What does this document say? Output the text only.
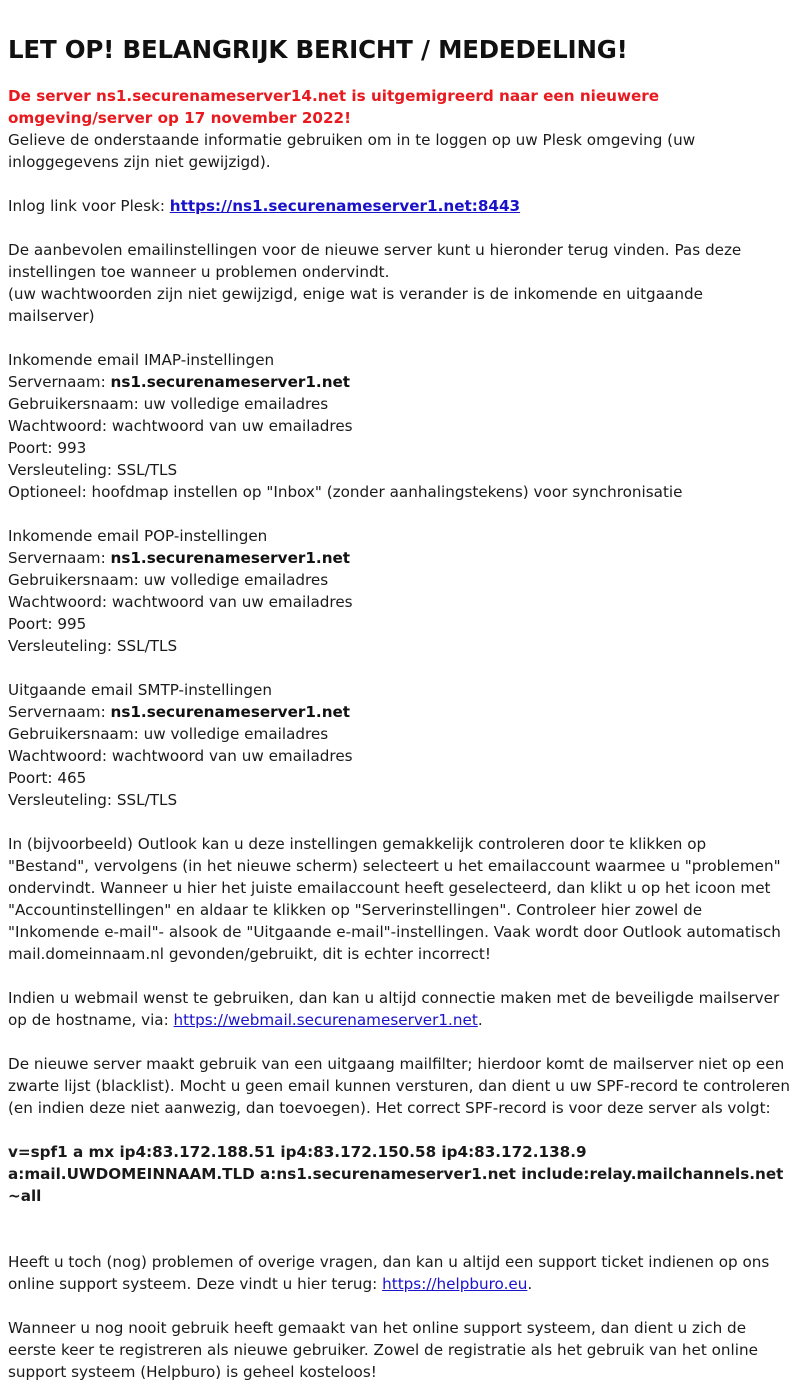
LET OP! BELANGRIJK BERICHT / MEDEDELING!

De server ns1.securenameserver14.net is uitgemigreerd naar een nieuwere omgeving/server op 17 november 2022!

Gelieve de onderstaande informatie gebruiken om in te loggen op uw Plesk omgeving (uw inloggegevens zijn niet gewijzigd).

Inlog link voor Plesk: https://ns1.securenameserver1.net:8443

De aanbevolen emailinstellingen voor de nieuwe server kunt u hieronder terug vinden. Pas deze instellingen toe wanneer u problemen ondervindt.

(uw wachtwoorden zijn niet gewijzigd, enige wat is verander is de inkomende en uitgaande mailserver)

Inkomende email IMAP-instellingen

Servernaam: ns1.securenameserver1.net

Gebruikersnaam: uw volledige emailadres

Wachtwoord: wachtwoord van uw emailadres

Poort: 993

Versleuteling: SSL/TLS

Optioneel: hoofdmap instellen op "Inbox" (zonder aanhalingstekens) voor synchronisatie

Inkomende email POP-instellingen

Servernaam: ns1.securenameserver1.net

Gebruikersnaam: uw volledige emailadres

Wachtwoord: wachtwoord van uw emailadres

Poort: 995

Versleuteling: SSL/TLS

Uitgaande email SMTP-instellingen

Servernaam: ns1.securenameserver1.net

Gebruikersnaam: uw volledige emailadres

Wachtwoord: wachtwoord van uw emailadres

Poort: 465

Versleuteling: SSL/TLS

In (bijvoorbeeld) Outlook kan u deze instellingen gemakkelijk controleren door te klikken op "Bestand", vervolgens (in het nieuwe scherm) selecteert u het emailaccount waarmee u "problemen" ondervindt. Wanneer u hier het juiste emailaccount heeft geselecteerd, dan klikt u op het icoon met "Accountinstellingen" en aldaar te klikken op "Serverinstellingen". Controleer hier zowel de "Inkomende e-mail"- alsook de "Uitgaande e-mail"-instellingen. Vaak wordt door Outlook automatisch mail.domeinnaam.nl gevonden/gebruikt, dit is echter incorrect!

Indien u webmail wenst te gebruiken, dan kan u altijd connectie maken met de beveiligde mailserver op de hostname, via: https://webmail.securenameserver1.net.

De nieuwe server maakt gebruik van een uitgaang mailfilter; hierdoor komt de mailserver niet op een zwarte lijst (blacklist). Mocht u geen email kunnen versturen, dan dient u uw SPF-record te controleren (en indien deze niet aanwezig, dan toevoegen). Het correct SPF-record is voor deze server als volgt:

v=spf1 a mx ip4:83.172.188.51 ip4:83.172.150.58 ip4:83.172.138.9 a:mail.UWDOMEINNAAM.TLD a:ns1.securenameserver1.net include:relay.mailchannels.net ~all

Heeft u toch (nog) problemen of overige vragen, dan kan u altijd een support ticket indienen op ons online support systeem. Deze vindt u hier terug: https://helpburo.eu.

Wanneer u nog nooit gebruik heeft gemaakt van het online support systeem, dan dient u zich de eerste keer te registreren als nieuwe gebruiker. Zowel de registratie als het gebruik van het online support systeem (Helpburo) is geheel kosteloos!
